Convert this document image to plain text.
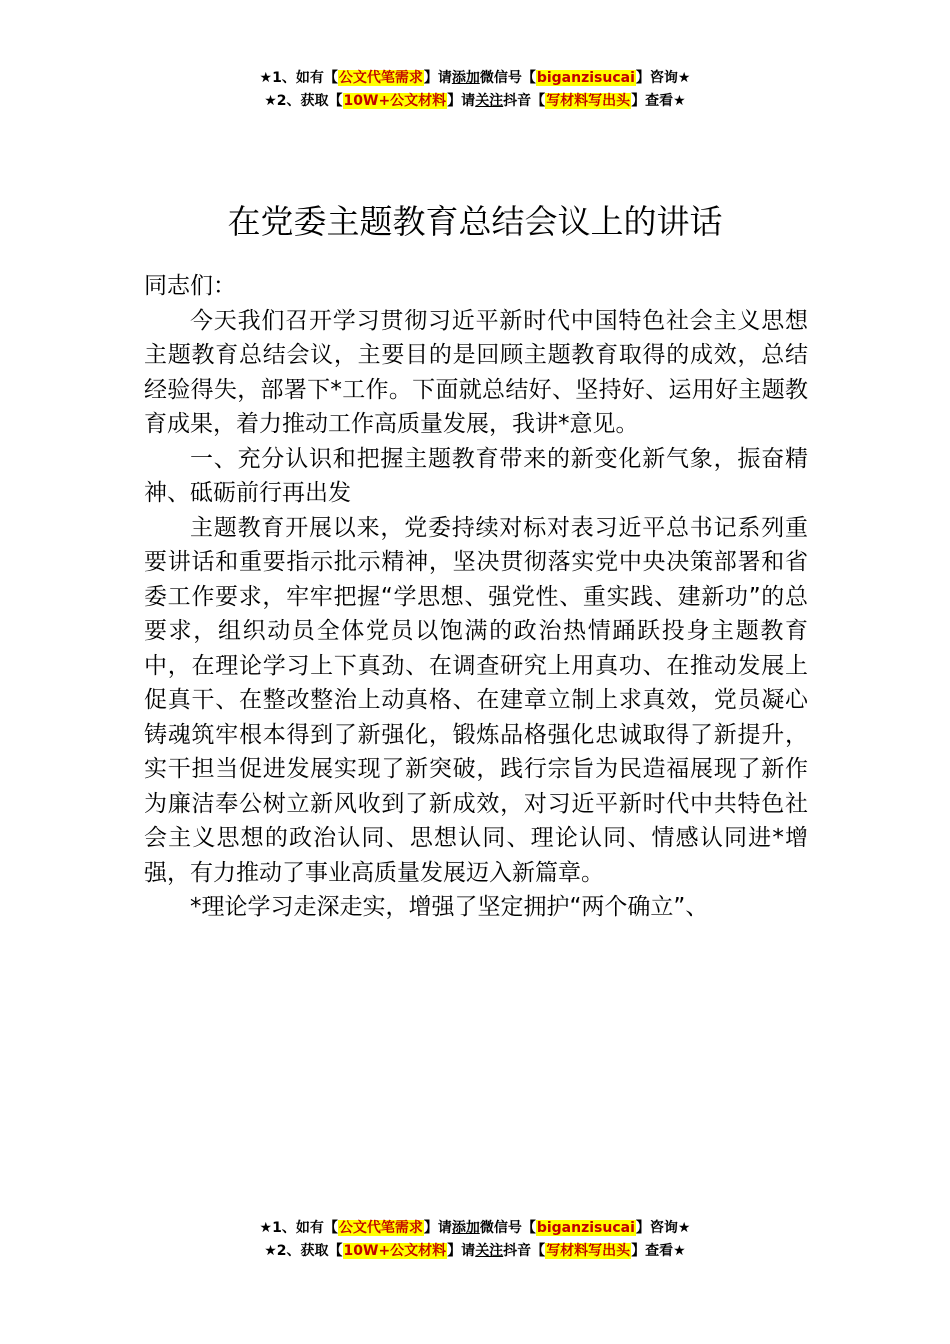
★1、如有【公文代笔需求】请添加微信号【biganzisucai】咨询★
★2、获取【10W+公文材料】请关注抖音【写材料写出头】查看★
在党委主题教育总结会议上的讲话

同志们：

今天我们召开学习贯彻习近平新时代中国特色社会主义思想主题教育总结会议，主要目的是回顾主题教育取得的成效，总结经验得失，部署下*工作。下面就总结好、坚持好、运用好主题教育成果，着力推动工作高质量发展，我讲*意见。

一、充分认识和把握主题教育带来的新变化新气象，振奋精神、砥砺前行再出发

主题教育开展以来，党委持续对标对表习近平总书记系列重要讲话和重要指示批示精神，坚决贯彻落实党中央决策部署和省委工作要求，牢牢把握“学思想、强党性、重实践、建新功”的总要求，组织动员全体党员以饱满的政治热情踊跃投身主题教育中，在理论学习上下真劲、在调查研究上用真功、在推动发展上促真干、在整改整治上动真格、在建章立制上求真效，党员凝心铸魂筑牢根本得到了新强化，锻炼品格强化忠诚取得了新提升，实干担当促进发展实现了新突破，践行宗旨为民造福展现了新作为廉洁奉公树立新风收到了新成效，对习近平新时代中共特色社会主义思想的政治认同、思想认同、理论认同、情感认同进*增强，有力推动了事业高质量发展迈入新篇章。

*理论学习走深走实，增强了坚定拥护“两个确立”、

★1、如有【公文代笔需求】请添加微信号【biganzisucai】咨询★
★2、获取【10W+公文材料】请关注抖音【写材料写出头】查看★
